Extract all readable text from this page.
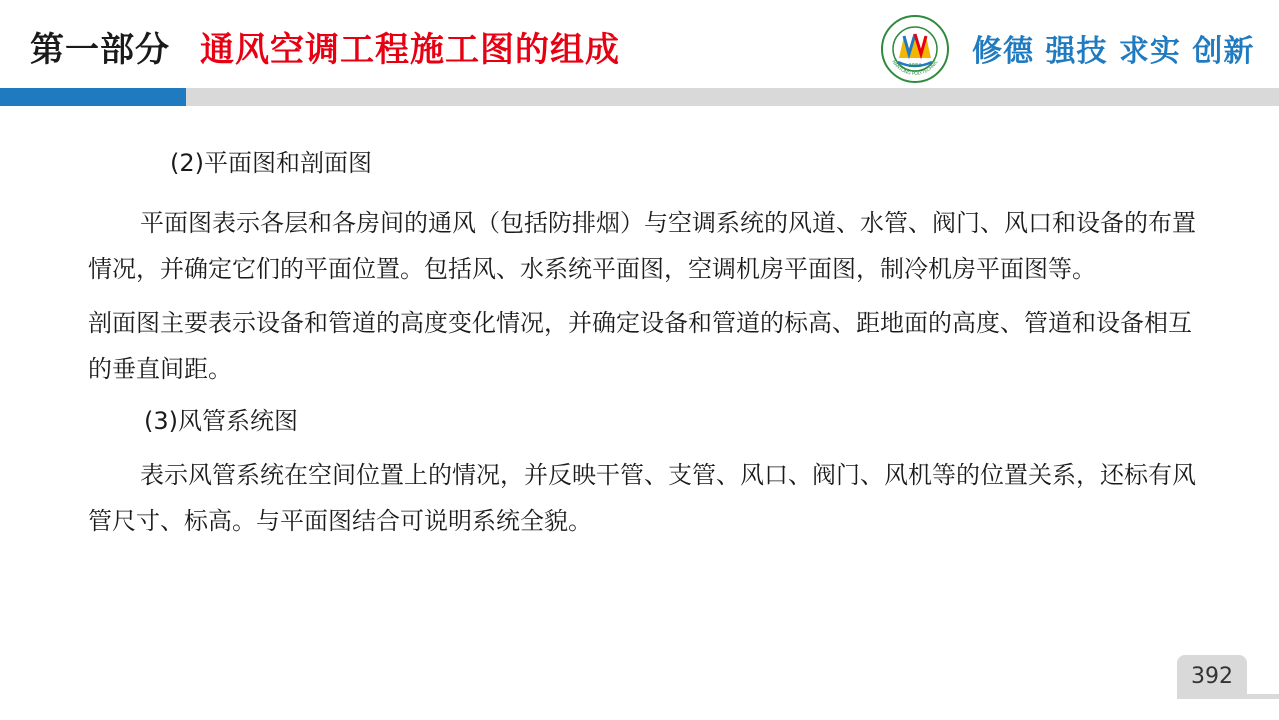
第一部分 通风空调工程施工图的组成	1984
NANTONG POLYTECHNIC 修德 强技 求实 创新

(2)平面图和剖面图

平面图表示各层和各房间的通风（包括防排烟）与空调系统的风道、水管、阀门、风口和设备的布置情况，并确定它们的平面位置。包括风、水系统平面图，空调机房平面图，制冷机房平面图等。

剖面图主要表示设备和管道的高度变化情况，并确定设备和管道的标高、距地面的高度、管道和设备相互的垂直间距。

(3)风管系统图

表示风管系统在空间位置上的情况，并反映干管、支管、风口、阀门、风机等的位置关系，还标有风管尺寸、标高。与平面图结合可说明系统全貌。

392
